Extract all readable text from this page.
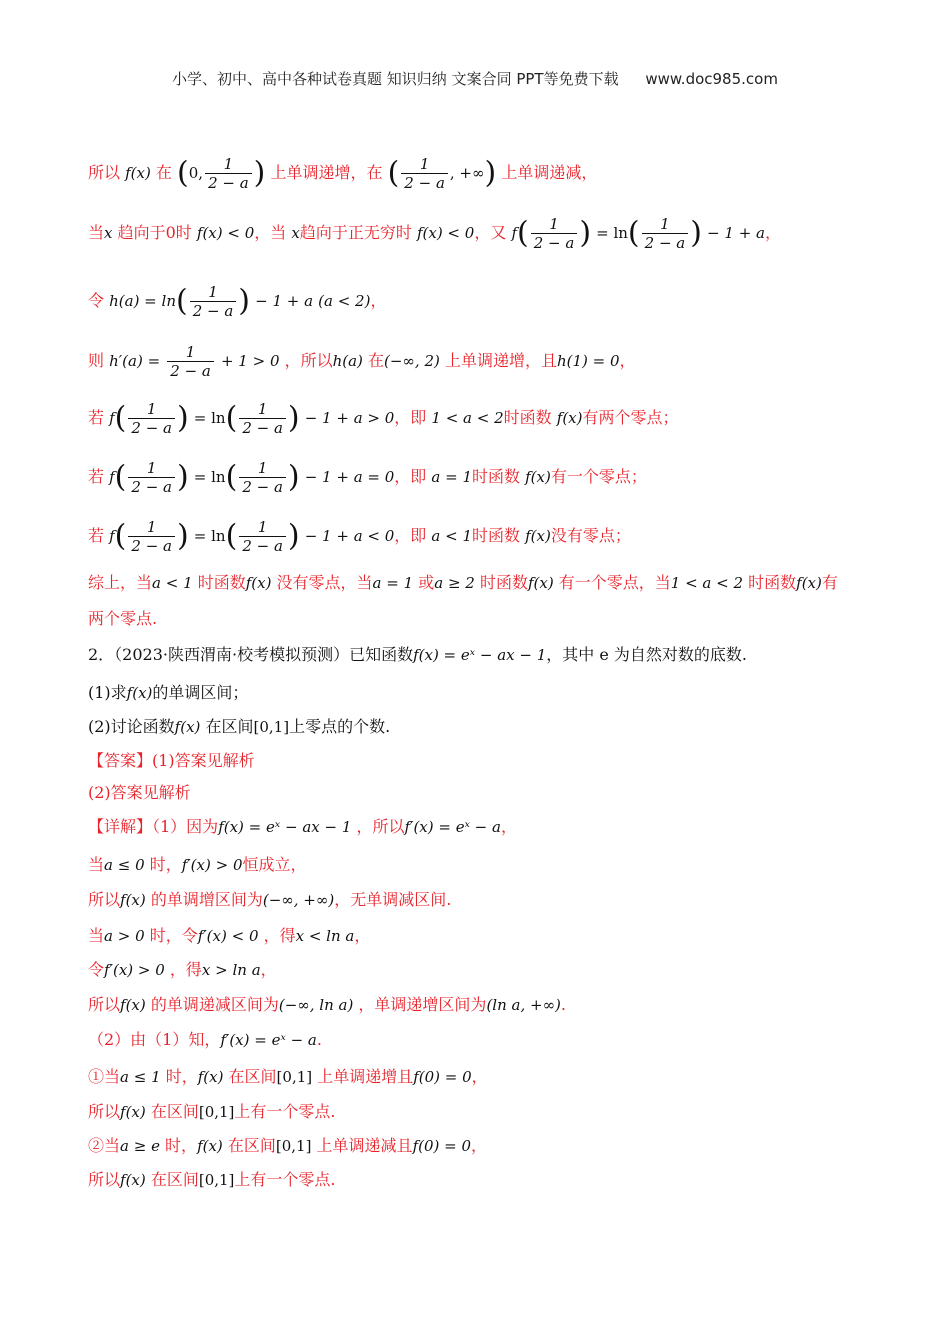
小学、初中、高中各种试卷真题 知识归纳 文案合同 PPT等免费下载 www.doc985.com
所以 f(x) 在 (0, $\frac{1}{2 - a}$ ) 上单调递增，在 ( $\frac{1}{2 - a}$ , +∞) 上单调递减，
当x 趋向于0时 f(x) < 0，当 x趋向于正无穷时 f(x) < 0，又 $f( \frac{1}{2 - a}$ ) = $\ln( \frac{1}{2 - a}$ ) − 1 + a，
令 $h(a) = \ln( \frac{1}{2 - a}$ ) − 1 + a (a < 2)，
则 $h'(a) = \frac{1}{2 - a} + 1 > 0$ ，所以h(a) 在(−∞, 2) 上单调递增，且h(1) = 0，
若 $f( \frac{1}{2 - a}$ ) = $\ln( \frac{1}{2 - a}$ ) − 1 + a > 0，即 1 < a < 2时函数 f(x)有两个零点；
若 $f( \frac{1}{2 - a}$ ) = $\ln( \frac{1}{2 - a}$ ) − 1 + a = 0，即 a = 1时函数 f(x)有一个零点；
若 $f( \frac{1}{2 - a}$ ) = $\ln( \frac{1}{2 - a}$ ) − 1 + a < 0，即 a < 1时函数 f(x)没有零点；
综上，当a < 1 时函数f(x) 没有零点，当a = 1 或a ≥ 2 时函数f(x) 有一个零点，当1 < a < 2 时函数f(x)有
两个零点.
2．（2023·陕西渭南·校考模拟预测）已知函数f(x) = eˣ − ax − 1，其中 e 为自然对数的底数.
(1)求f(x)的单调区间；
(2)讨论函数f(x) 在区间[0,1]上零点的个数.
【答案】(1)答案见解析
(2)答案见解析
【详解】（1）因为f(x) = eˣ − ax − 1 ，所以f′(x) = eˣ − a，
当a ≤ 0 时，f′(x) > 0恒成立，
所以f(x) 的单调增区间为(−∞, +∞)，无单调减区间.
当a > 0 时，令f′(x) < 0 ，得x < ln a，
令f′(x) > 0 ，得x > ln a，
所以f(x) 的单调递减区间为(−∞, ln a) ，单调递增区间为(ln a, +∞).
（2）由（1）知，f′(x) = eˣ − a.
①当a ≤ 1 时，f(x) 在区间[0,1] 上单调递增且f(0) = 0，
所以f(x) 在区间[0,1]上有一个零点.
②当a ≥ e 时，f(x) 在区间[0,1] 上单调递减且f(0) = 0，
所以f(x) 在区间[0,1]上有一个零点.
